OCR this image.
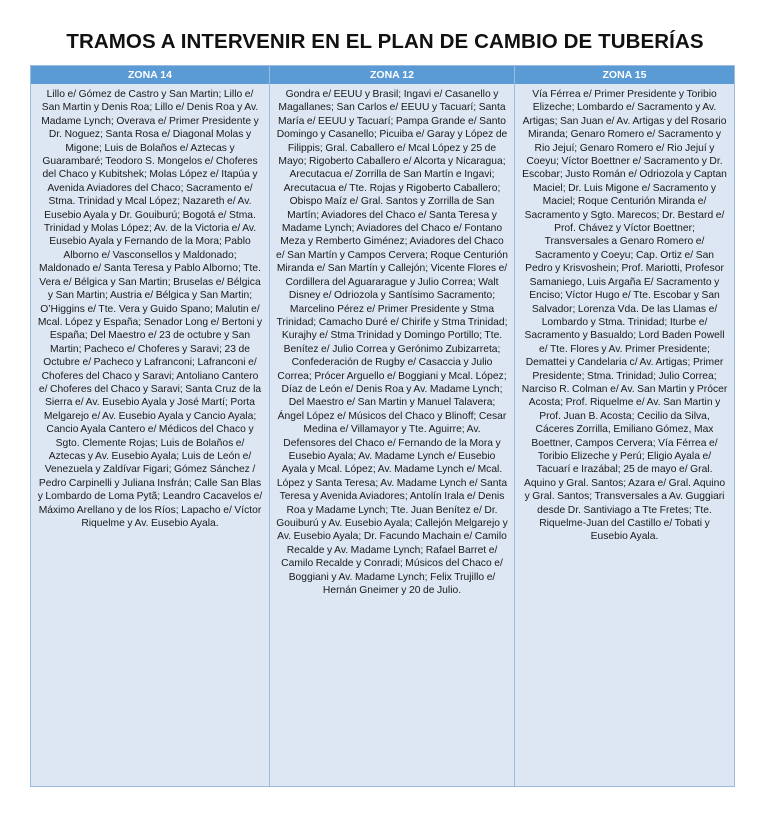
TRAMOS A INTERVENIR EN EL PLAN DE CAMBIO DE TUBERÍAS
ZONA 14
Lillo e/ Gómez de Castro y San Martin; Lillo e/ San Martin y Denis Roa; Lillo e/ Denis Roa y Av. Madame Lynch; Overava e/ Primer Presidente y Dr. Noguez; Santa Rosa e/ Diagonal Molas y Migone; Luis de Bolaños e/ Aztecas y Guarambaré; Teodoro S. Mongelos e/ Choferes del Chaco y Kubitshek; Molas López e/ Itapúa y Avenida Aviadores del Chaco; Sacramento e/ Stma. Trinidad y Mcal López; Nazareth e/ Av. Eusebio Ayala y Dr. Gouiburú; Bogotá e/ Stma. Trinidad y Molas López; Av. de la Victoria e/ Av. Eusebio Ayala y Fernando de la Mora; Pablo Alborno e/ Vasconsellos y Maldonado; Maldonado e/ Santa Teresa y Pablo Alborno; Tte. Vera e/ Bélgica y San Martin; Bruselas e/ Bélgica y San Martin; Austria e/ Bélgica y San Martin; O’Higgins e/ Tte. Vera y Guido Spano; Malutin e/ Mcal. López y España; Senador Long e/ Bertoni y España; Del Maestro e/ 23 de octubre y San Martin; Pacheco e/ Choferes y Saravi; 23 de Octubre e/ Pacheco y Lafranconi; Lafranconi e/ Choferes del Chaco y Saravi; Antoliano Cantero e/ Choferes del Chaco y Saravi; Santa Cruz de la Sierra e/ Av. Eusebio Ayala y José Martí; Porta Melgarejo e/ Av. Eusebio Ayala y Cancio Ayala; Cancio Ayala Cantero e/ Médicos del Chaco y Sgto. Clemente Rojas; Luis de Bolaños e/ Aztecas y Av. Eusebio Ayala; Luis de León e/ Venezuela y Zaldívar Figari; Gómez Sánchez / Pedro Carpinelli y Juliana Insfrán; Calle San Blas y Lombardo de Loma Pytã; Leandro Cacavelos e/ Máximo Arellano y de los Ríos; Lapacho e/ Víctor Riquelme y Av. Eusebio Ayala.
ZONA 12
Gondra e/ EEUU y Brasil; Ingavi e/ Casanello y Magallanes; San Carlos e/ EEUU y Tacuarí; Santa María e/ EEUU y Tacuarí; Pampa Grande e/ Santo Domingo y Casanello; Picuiba e/ Garay y López de Filippis; Gral. Caballero e/ Mcal López y 25 de Mayo; Rigoberto Caballero e/ Alcorta y Nicaragua; Arecutacua e/ Zorrilla de San Martín e Ingavi; Arecutacua e/ Tte. Rojas y Rigoberto Caballero; Obispo Maíz e/ Gral. Santos y Zorrilla de San Martín; Aviadores del Chaco e/ Santa Teresa y Madame Lynch; Aviadores del Chaco e/ Fontano Meza y Remberto Giménez; Aviadores del Chaco e/ San Martín y Campos Cervera; Roque Centurión Miranda e/ San Martín y Callejón; Vicente Flores e/ Cordillera del Aguararague y Julio Correa; Walt Disney e/ Odriozola y Santísimo Sacramento; Marcelino Pérez e/ Primer Presidente y Stma Trinidad; Camacho Duré e/ Chirife y Stma Trinidad; Kurajhy e/ Stma Trinidad y Domingo Portillo; Tte. Benítez e/ Julio Correa y Gerónimo Zubizarreta; Confederación de Rugby e/ Casaccia y Julio Correa; Prócer Arguello e/ Boggiani y Mcal. López; Díaz de León e/ Denis Roa y Av. Madame Lynch; Del Maestro e/ San Martin y Manuel Talavera; Ángel López e/ Músicos del Chaco y Blinoff; Cesar Medina e/ Villamayor y Tte. Aguirre; Av. Defensores del Chaco e/ Fernando de la Mora y Eusebio Ayala; Av. Madame Lynch e/ Eusebio Ayala y Mcal. López; Av. Madame Lynch e/ Mcal. López y Santa Teresa; Av. Madame Lynch e/ Santa Teresa y Avenida Aviadores; Antolín Irala e/ Denis Roa y Madame Lynch; Tte. Juan Benítez e/ Dr. Gouiburú y Av. Eusebio Ayala; Callejón Melgarejo y Av. Eusebio Ayala; Dr. Facundo Machain e/ Camilo Recalde y Av. Madame Lynch; Rafael Barret e/ Camilo Recalde y Conradi; Músicos del Chaco e/ Boggiani y Av. Madame Lynch; Felix Trujillo e/ Hernán Gneimer y 20 de Julio.
ZONA 15
Vía Férrea e/ Primer Presidente y Toribio Elizeche; Lombardo e/ Sacramento y Av. Artigas; San Juan e/ Av. Artigas y del Rosario Miranda; Genaro Romero e/ Sacramento y Rio Jejuí; Genaro Romero e/ Rio Jejuí y Coeyu; Víctor Boettner e/ Sacramento y Dr. Escobar; Justo Román e/ Odriozola y Captan Maciel; Dr. Luis Migone e/ Sacramento y Maciel; Roque Centurión Miranda e/ Sacramento y Sgto. Marecos; Dr. Bestard e/ Prof. Chávez y Víctor Boettner; Transversales a Genaro Romero e/ Sacramento y Coeyu; Cap. Ortiz e/ San Pedro y Krisvoshein; Prof. Mariotti, Profesor Samaniego, Luis Argaña E/ Sacramento y Enciso; Víctor Hugo e/ Tte. Escobar y San Salvador; Lorenza Vda. De las Llamas e/ Lombardo y Stma. Trinidad; Iturbe e/ Sacramento y Basualdo; Lord Baden Powell e/ Tte. Flores y Av. Primer Presidente; Demattei y Candelaria c/ Av. Artigas; Primer Presidente; Stma. Trinidad; Julio Correa; Narciso R. Colman e/ Av. San Martin y Prócer Acosta; Prof. Riquelme e/ Av. San Martin y Prof. Juan B. Acosta; Cecilio da Silva, Cáceres Zorrilla, Emiliano Gómez, Max Boettner, Campos Cervera; Vía Férrea e/ Toribio Elizeche y Perú; Eligio Ayala e/ Tacuarí e Irazábal; 25 de mayo e/ Gral. Aquino y Gral. Santos; Azara e/ Gral. Aquino y Gral. Santos; Transversales a Av. Guggiari desde Dr. Santiviago a Tte Fretes; Tte. Riquelme-Juan del Castillo e/ Tobati y Eusebio Ayala.
